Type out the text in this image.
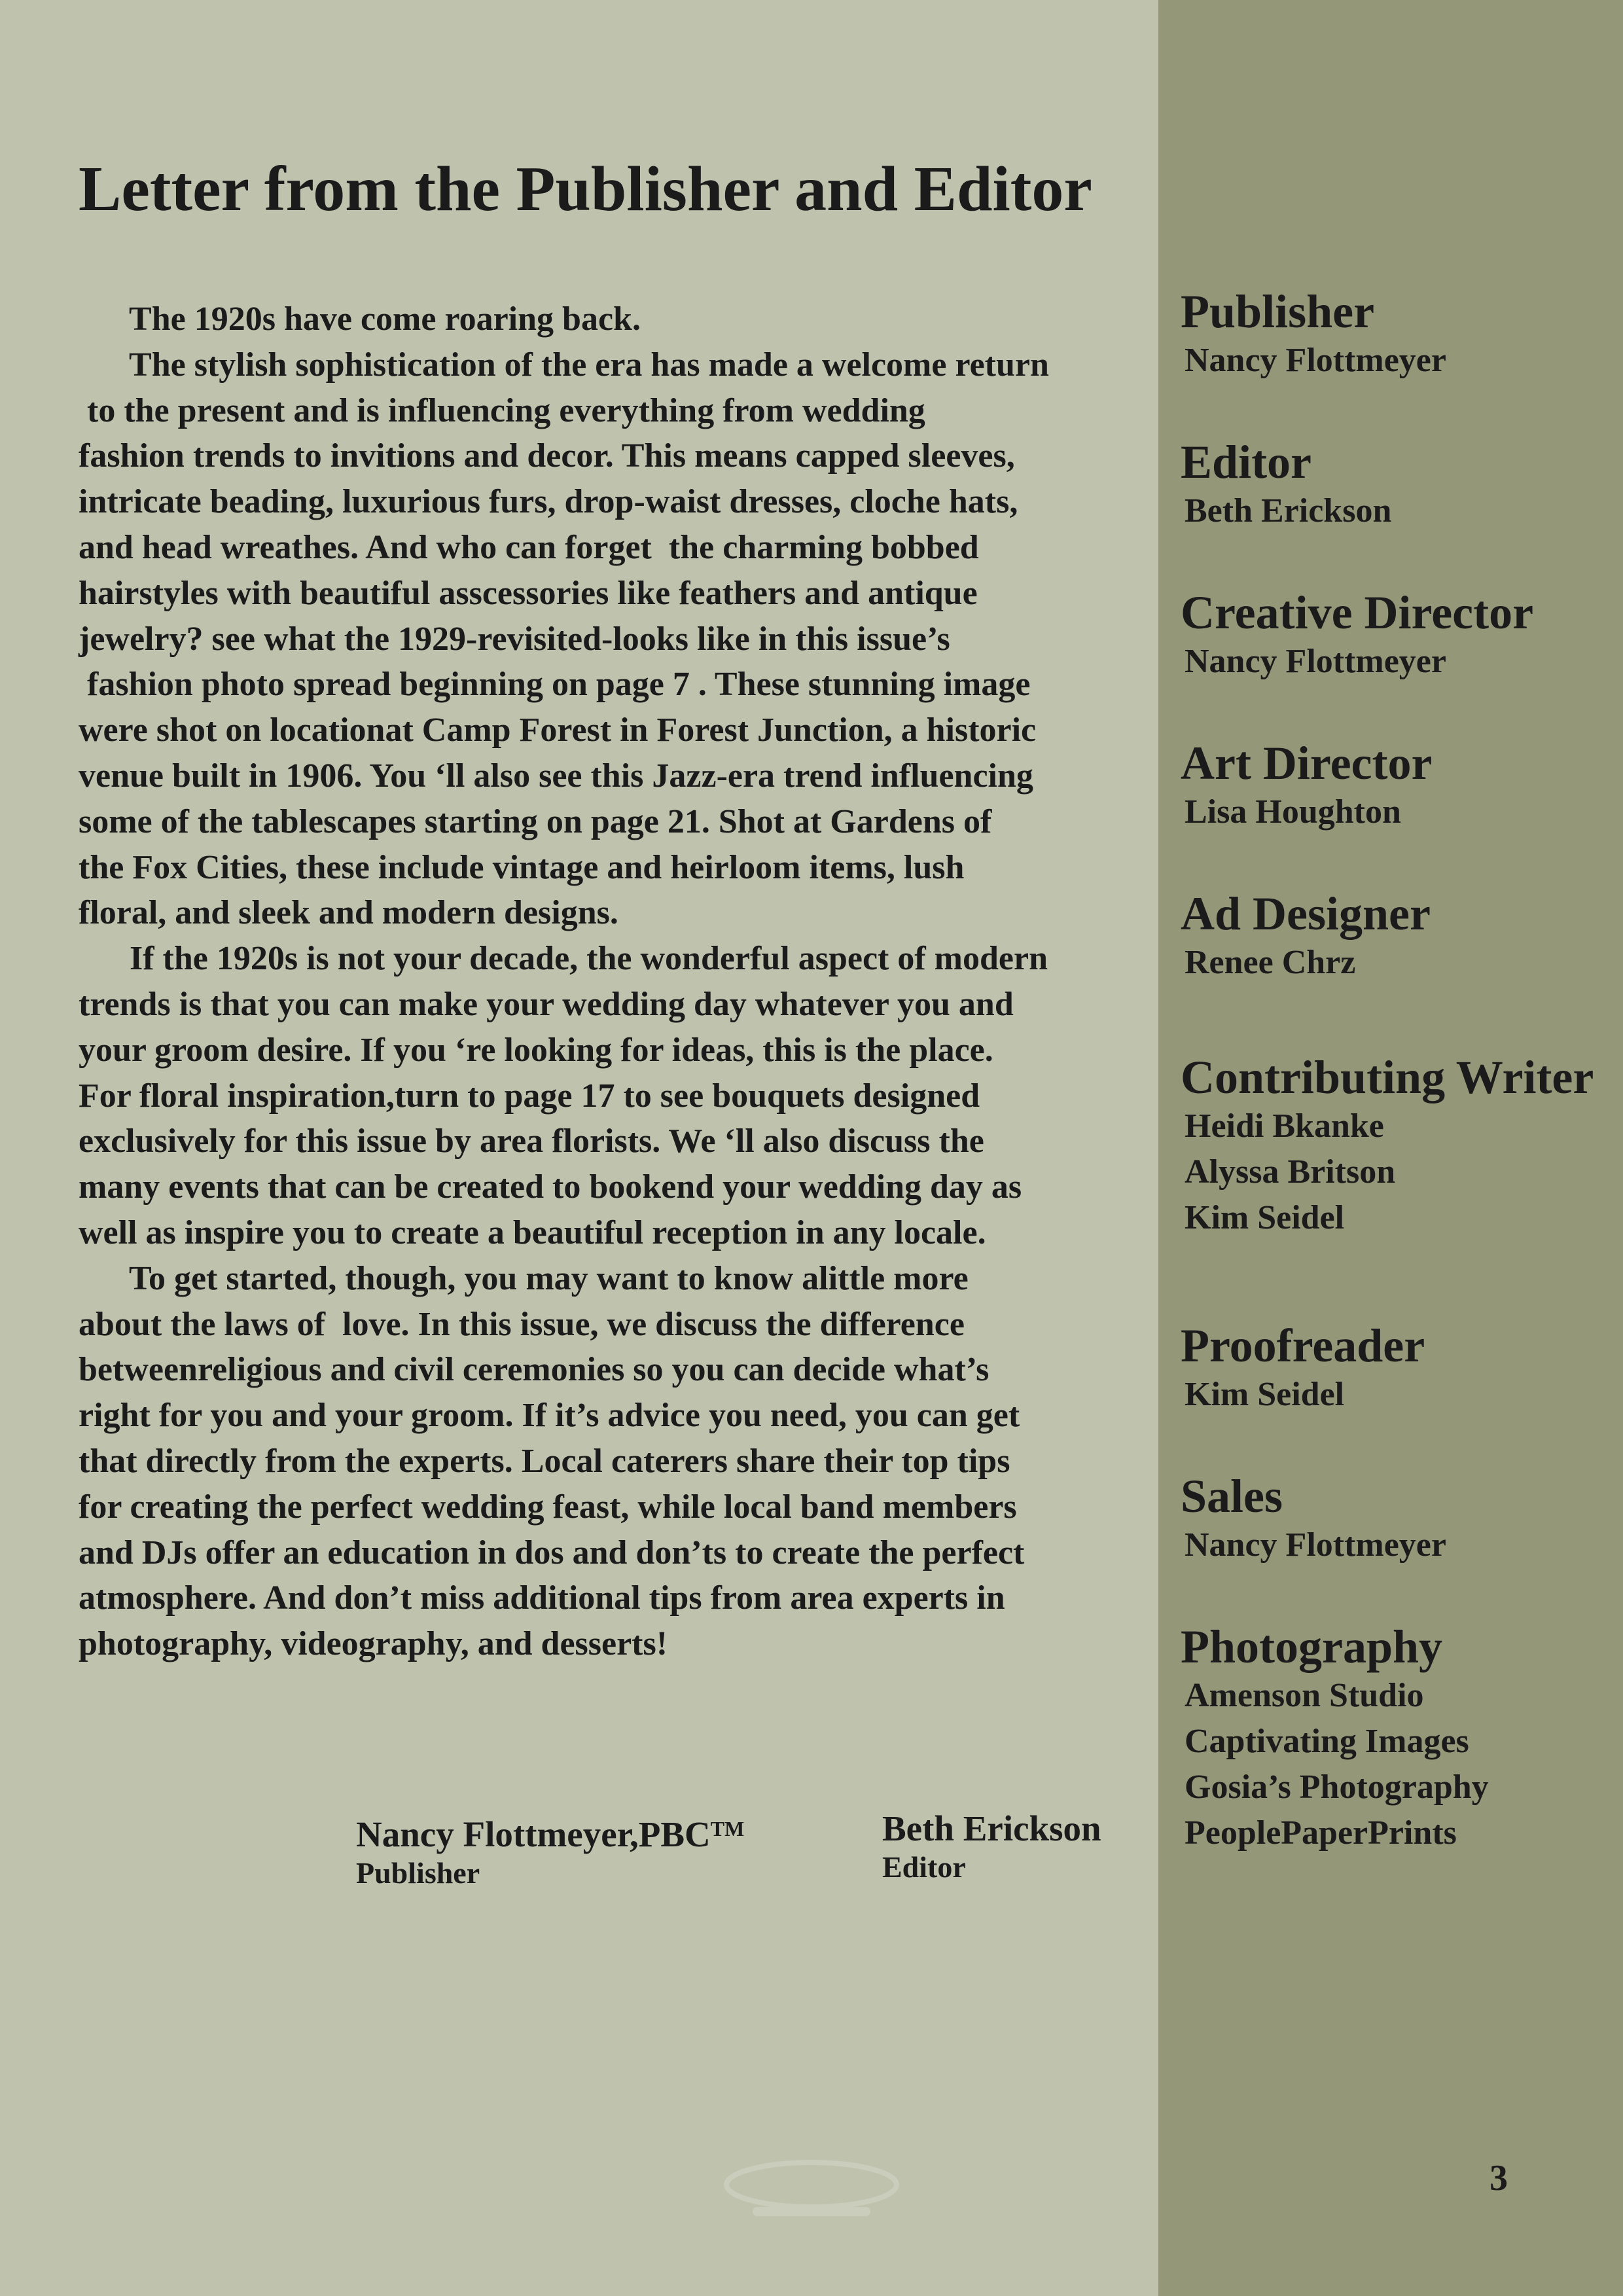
Letter from the Publisher and Editor
The 1920s have come roaring back.
The stylish sophistication of the era has made a welcome return
to the present and is influencing everything from wedding
fashion trends to invitions and decor. This means capped sleeves,
intricate beading, luxurious furs, drop-waist dresses, cloche hats,
and head wreathes. And who can forget  the charming bobbed
hairstyles with beautiful asscessories like feathers and antique
jewelry? see what the 1929-revisited-looks like in this issue’s
fashion photo spread beginning on page 7 . These stunning image
were shot on locationat Camp Forest in Forest Junction, a historic
venue built in 1906. You ‘ll also see this Jazz-era trend influencing
some of the tablescapes starting on page 21. Shot at Gardens of
the Fox Cities, these include vintage and heirloom items, lush
floral, and sleek and modern designs.
If the 1920s is not your decade, the wonderful aspect of modern
trends is that you can make your wedding day whatever you and
your groom desire. If you ‘re looking for ideas, this is the place.
For floral inspiration,turn to page 17 to see bouquets designed
exclusively for this issue by area florists. We ‘ll also discuss the
many events that can be created to bookend your wedding day as
well as inspire you to create a beautiful reception in any locale.
To get started, though, you may want to know alittle more
about the laws of  love. In this issue, we discuss the difference
betweenreligious and civil ceremonies so you can decide what’s
right for you and your groom. If it’s advice you need, you can get
that directly from the experts. Local caterers share their top tips
for creating the perfect wedding feast, while local band members
and DJs offer an education in dos and don’ts to create the perfect
atmosphere. And don’t miss additional tips from area experts in
photography, videography, and desserts!
Nancy Flottmeyer,PBC™
Publisher
Beth Erickson
Editor
Publisher
Nancy Flottmeyer
Editor
Beth Erickson
Creative Director
Nancy Flottmeyer
Art Director
Lisa Houghton
Ad Designer
Renee Chrz
Contributing Writer
Heidi Bkanke
Alyssa Britson
Kim Seidel
Proofreader
Kim Seidel
Sales
Nancy Flottmeyer
Photography
Amenson Studio
Captivating Images
Gosia’s Photography
PeoplePaperPrints
3
